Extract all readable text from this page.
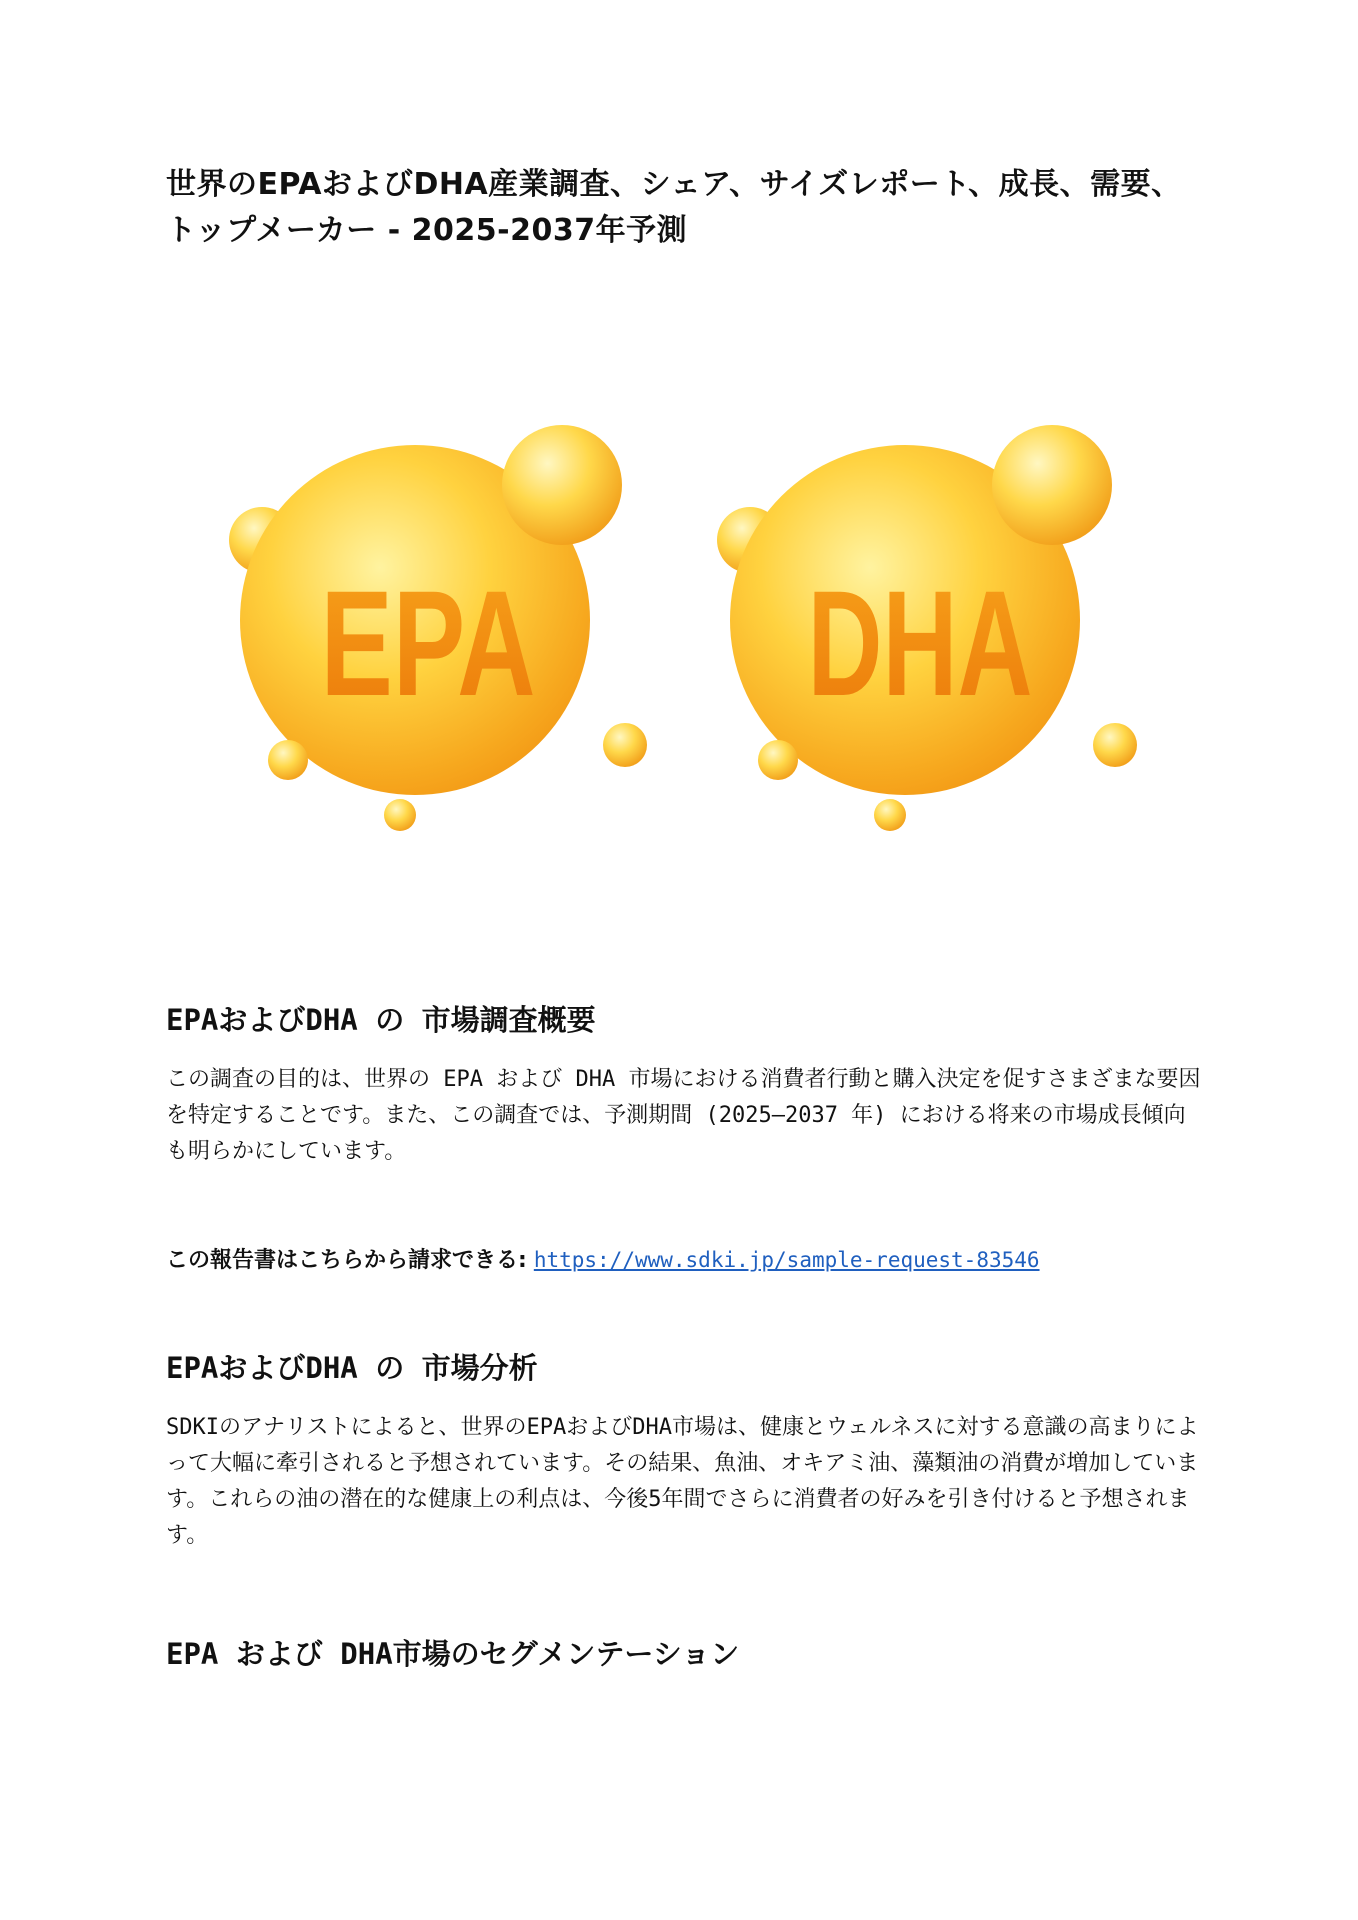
世界のEPAおよびDHA産業調査、シェア、サイズレポート、成長、需要、トップメーカー - 2025-2037年予測
EPA DHA
EPAおよびDHA の 市場調査概要

この調査の目的は、世界の EPA および DHA 市場における消費者行動と購入決定を促すさまざまな要因を特定することです。また、この調査では、予測期間 (2025—2037 年) における将来の市場成長傾向も明らかにしています。

この報告書はこちらから請求できる: https://www.sdki.jp/sample-request-83546

EPAおよびDHA の 市場分析

SDKIのアナリストによると、世界のEPAおよびDHA市場は、健康とウェルネスに対する意識の高まりによって大幅に牽引されると予想されています。その結果、魚油、オキアミ油、藻類油の消費が増加しています。これらの油の潜在的な健康上の利点は、今後5年間でさらに消費者の好みを引き付けると予想されます。

EPA および DHA市場のセグメンテーション
